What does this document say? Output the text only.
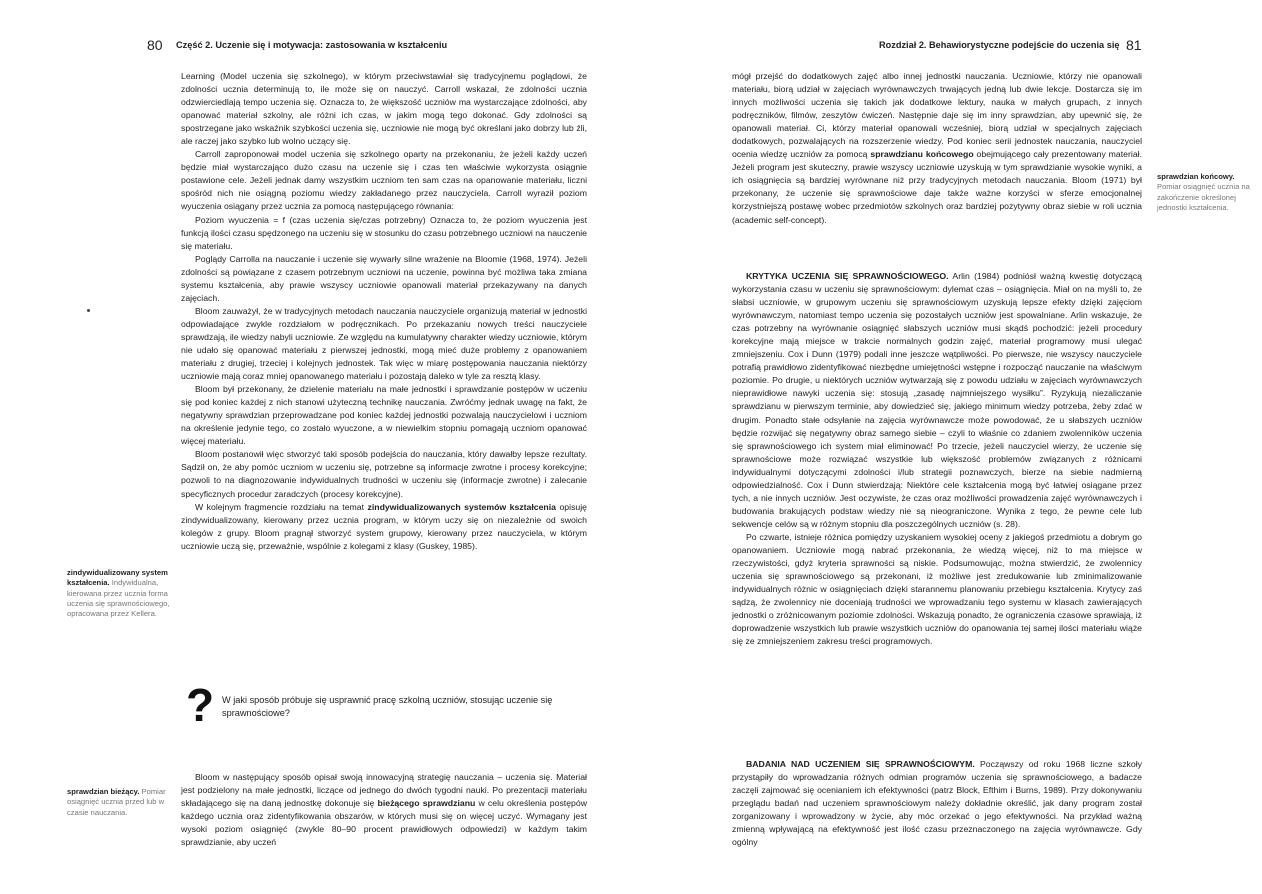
80 Część 2. Uczenie się i motywacja: zastosowania w kształceniu

Learning (Model uczenia się szkolnego), w którym przeciwstawiał się tradycyjnemu poglądowi, że zdolności ucznia determinują to, ile może się on nauczyć. Carroll wskazał, że zdolności ucznia odzwierciedlają tempo uczenia się. Oznacza to, że większość uczniów ma wystarczające zdolności, aby opanować materiał szkolny, ale różni ich czas, w jakim mogą tego dokonać. Gdy zdolności są spostrzegane jako wskaźnik szybkości uczenia się, uczniowie nie mogą być określani jako dobrzy lub źli, ale raczej jako szybko lub wolno uczący się.

Carroll zaproponował model uczenia się szkolnego oparty na przekonaniu, że jeżeli każdy uczeń będzie miał wystarczająco dużo czasu na uczenie się i czas ten właściwie wykorzysta osiągnie postawione cele. Jeżeli jednak damy wszystkim uczniom ten sam czas na opanowanie materiału, liczni spośród nich nie osiągną poziomu wiedzy zakładanego przez nauczyciela. Carroll wyraził poziom wyuczenia osiągany przez ucznia za pomocą następującego równania:

Poziom wyuczenia = f (czas uczenia się/czas potrzebny) Oznacza to, że poziom wyuczenia jest funkcją ilości czasu spędzonego na uczeniu się w stosunku do czasu potrzebnego uczniowi na nauczenie się materiału.

Poglądy Carrolla na nauczanie i uczenie się wywarły silne wrażenie na Bloomie (1968, 1974). Jeżeli zdolności są powiązane z czasem potrzebnym uczniowi na uczenie, powinna być możliwa taka zmiana systemu kształcenia, aby prawie wszyscy uczniowie opanowali materiał przekazywany na danych zajęciach.

Bloom zauważył, że w tradycyjnych metodach nauczania nauczyciele organizują materiał w jednostki odpowiadające zwykle rozdziałom w podręcznikach. Po przekazaniu nowych treści nauczyciele sprawdzają, ile wiedzy nabyli uczniowie. Ze względu na kumulatywny charakter wiedzy uczniowie, którym nie udało się opanować materiału z pierwszej jednostki, mogą mieć duże problemy z opanowaniem materiału z drugiej, trzeciej i kolejnych jednostek. Tak więc w miarę postępowania nauczania niektórzy uczniowie mają coraz mniej opanowanego materiału i pozostają daleko w tyle za resztą klasy.

Bloom był przekonany, że dzielenie materiału na małe jednostki i sprawdzanie postępów w uczeniu się pod koniec każdej z nich stanowi użyteczną technikę nauczania. Zwróćmy jednak uwagę na fakt, że negatywny sprawdzian przeprowadzane pod koniec każdej jednostki pozwalają nauczycielowi i uczniom na określenie jedynie tego, co zostało wyuczone, a w niewielkim stopniu pomagają uczniom opanować więcej materiału.

Bloom postanowił więc stworzyć taki sposób podejścia do nauczania, który dawałby lepsze rezultaty. Sądził on, że aby pomóc uczniom w uczeniu się, potrzebne są informacje zwrotne i procesy korekcyjne; pozwoli to na diagnozowanie indywidualnych trudności w uczeniu się (informacje zwrotne) i zalecanie specyficznych procedur zaradczych (procesy korekcyjne).

W kolejnym fragmencie rozdziału na temat zindywidualizowanych systemów kształcenia opisuję zindywidualizowany, kierowany przez ucznia program, w którym uczy się on niezależnie od swoich kolegów z grupy. Bloom pragnął stworzyć system grupowy, kierowany przez nauczyciela, w którym uczniowie uczą się, przeważnie, wspólnie z kolegami z klasy (Guskey, 1985).

zindywidualizowany system kształcenia. Indywidualna, kierowana przez ucznia forma uczenia się sprawnościowego, opracowana przez Kellera.
? W jaki sposób próbuje się usprawnić pracę szkolną uczniów, stosując uczenie się sprawnościowe?

Bloom w następujący sposób opisał swoją innowacyjną strategię nauczania – uczenia się. Materiał jest podzielony na małe jednostki, liczące od jednego do dwóch tygodni nauki. Po prezentacji materiału składającego się na daną jednostkę dokonuje się bieżącego sprawdzianu w celu określenia postępów każdego ucznia oraz zidentyfikowania obszarów, w których musi się on więcej uczyć. Wymagany jest wysoki poziom osiągnięć (zwykle 80–90 procent prawidłowych odpowiedzi) w każdym takim sprawdzianie, aby uczeń

sprawdzian bieżący. Pomiar osiągnięć ucznia przed lub w czasie nauczania.
Rozdział 2. Behawiorystyczne podejście do uczenia się 81

mógł przejść do dodatkowych zajęć albo innej jednostki nauczania. Uczniowie, którzy nie opanowali materiału, biorą udział w zajęciach wyrównawczych trwających jedną lub dwie lekcje. Dostarcza się im innych możliwości uczenia się takich jak dodatkowe lektury, nauka w małych grupach, z innych podręczników, filmów, zeszytów ćwiczeń. Następnie daje się im inny sprawdzian, aby upewnić się, że opanowali materiał. Ci, którzy materiał opanowali wcześniej, biorą udział w specjalnych zajęciach dodatkowych, pozwalających na rozszerzenie wiedzy. Pod koniec serii jednostek nauczania, nauczyciel ocenia wiedzę uczniów za pomocą sprawdzianu końcowego obejmującego cały prezentowany materiał. Jeżeli program jest skuteczny, prawie wszyscy uczniowie uzyskują w tym sprawdzianie wysokie wyniki, a ich osiągnięcia są bardziej wyrównane niż przy tradycyjnych metodach nauczania. Bloom (1971) był przekonany, że uczenie się sprawnościowe daje także ważne korzyści w sferze emocjonalnej korzystniejszą postawę wobec przedmiotów szkolnych oraz bardziej pozytywny obraz siebie w roli ucznia (academic self-concept).

sprawdzian końcowy. Pomiar osiągnięć ucznia na zakończenie określonej jednostki kształcenia.

KRYTYKA UCZENIA SIĘ SPRAWNOŚCIOWEGO. Arlin (1984) podniósł ważną kwestię dotyczącą wykorzystania czasu w uczeniu się sprawnościowym: dylemat czas – osiągnięcia. Miał on na myśli to, że słabsi uczniowie, w grupowym uczeniu się sprawnościowym uzyskują lepsze efekty dzięki zajęciom wyrównawczym, natomiast tempo uczenia się pozostałych uczniów jest spowalniane. Arlin wskazuje, że czas potrzebny na wyrównanie osiągnięć słabszych uczniów musi skądś pochodzić: jeżeli procedury korekcyjne mają miejsce w trakcie normalnych godzin zajęć, materiał programowy musi ulegać zmniejszeniu. Cox i Dunn (1979) podali inne jeszcze wątpliwości. Po pierwsze, nie wszyscy nauczyciele potrafią prawidłowo zidentyfikować niezbędne umiejętności wstępne i rozpocząć nauczanie na właściwym poziomie. Po drugie, u niektórych uczniów wytwarzają się z powodu udziału w zajęciach wyrównawczych nieprawidłowe nawyki uczenia się: stosują „zasadę najmniejszego wysiłku”. Ryzykują niezaliczanie sprawdzianu w pierwszym terminie, aby dowiedzieć się, jakiego minimum wiedzy potrzeba, żeby zdać w drugim. Ponadto stałe odsyłanie na zajęcia wyrównawcze może powodować, że u słabszych uczniów będzie rozwijać się negatywny obraz samego siebie – czyli to właśnie co zdaniem zwolenników uczenia się sprawnościowego ich system miał eliminować! Po trzecie, jeżeli nauczyciel wierzy, że uczenie się sprawnościowe może rozwiązać wszystkie lub większość problemów związanych z różnicami indywidualnymi dotyczącymi zdolności i/lub strategii poznawczych, bierze na siebie nadmierną odpowiedzialność. Cox i Dunn stwierdzają: Niektóre cele kształcenia mogą być łatwiej osiągane przez tych, a nie innych uczniów. Jest oczywiste, że czas oraz możliwości prowadzenia zajęć wyrównawczych i budowania brakujących podstaw wiedzy nie są nieograniczone. Wynika z tego, że pewne cele lub sekwencje celów są w różnym stopniu dla poszczególnych uczniów (s. 28).

Po czwarte, istnieje różnica pomiędzy uzyskaniem wysokiej oceny z jakiegoś przedmiotu a dobrym go opanowaniem. Uczniowie mogą nabrać przekonania, że wiedzą więcej, niż to ma miejsce w rzeczywistości, gdyż kryteria sprawności są niskie. Podsumowując, można stwierdzić, że zwolennicy uczenia się sprawnościowego są przekonani, iż możliwe jest zredukowanie lub zminimalizowanie indywidualnych różnic w osiągnięciach dzięki starannemu planowaniu przebiegu kształcenia. Krytycy zaś sądzą, że zwolennicy nie doceniają trudności we wprowadzaniu tego systemu w klasach zawierających jednostki o zróżnicowanym poziomie zdolności. Wskazują ponadto, że ograniczenia czasowe sprawiają, iż doprowadzenie wszystkich lub prawie wszystkich uczniów do opanowania tej samej ilości materiału wiąże się ze zmniejszeniem zakresu treści programowych.

BADANIA NAD UCZENIEM SIĘ SPRAWNOŚCIOWYM. Począwszy od roku 1968 liczne szkoły przystąpiły do wprowadzania różnych odmian programów uczenia się sprawnościowego, a badacze zaczęli zajmować się ocenianiem ich efektywności (patrz Block, Efthim i Burns, 1989). Przy dokonywaniu przeglądu badań nad uczeniem sprawnościowym należy dokładnie określić, jak dany program został zorganizowany i wprowadzony w życie, aby móc orzekać o jego efektywności. Na przykład ważną zmienną wpływającą na efektywność jest ilość czasu przeznaczonego na zajęcia wyrównawcze. Gdy ogólny
